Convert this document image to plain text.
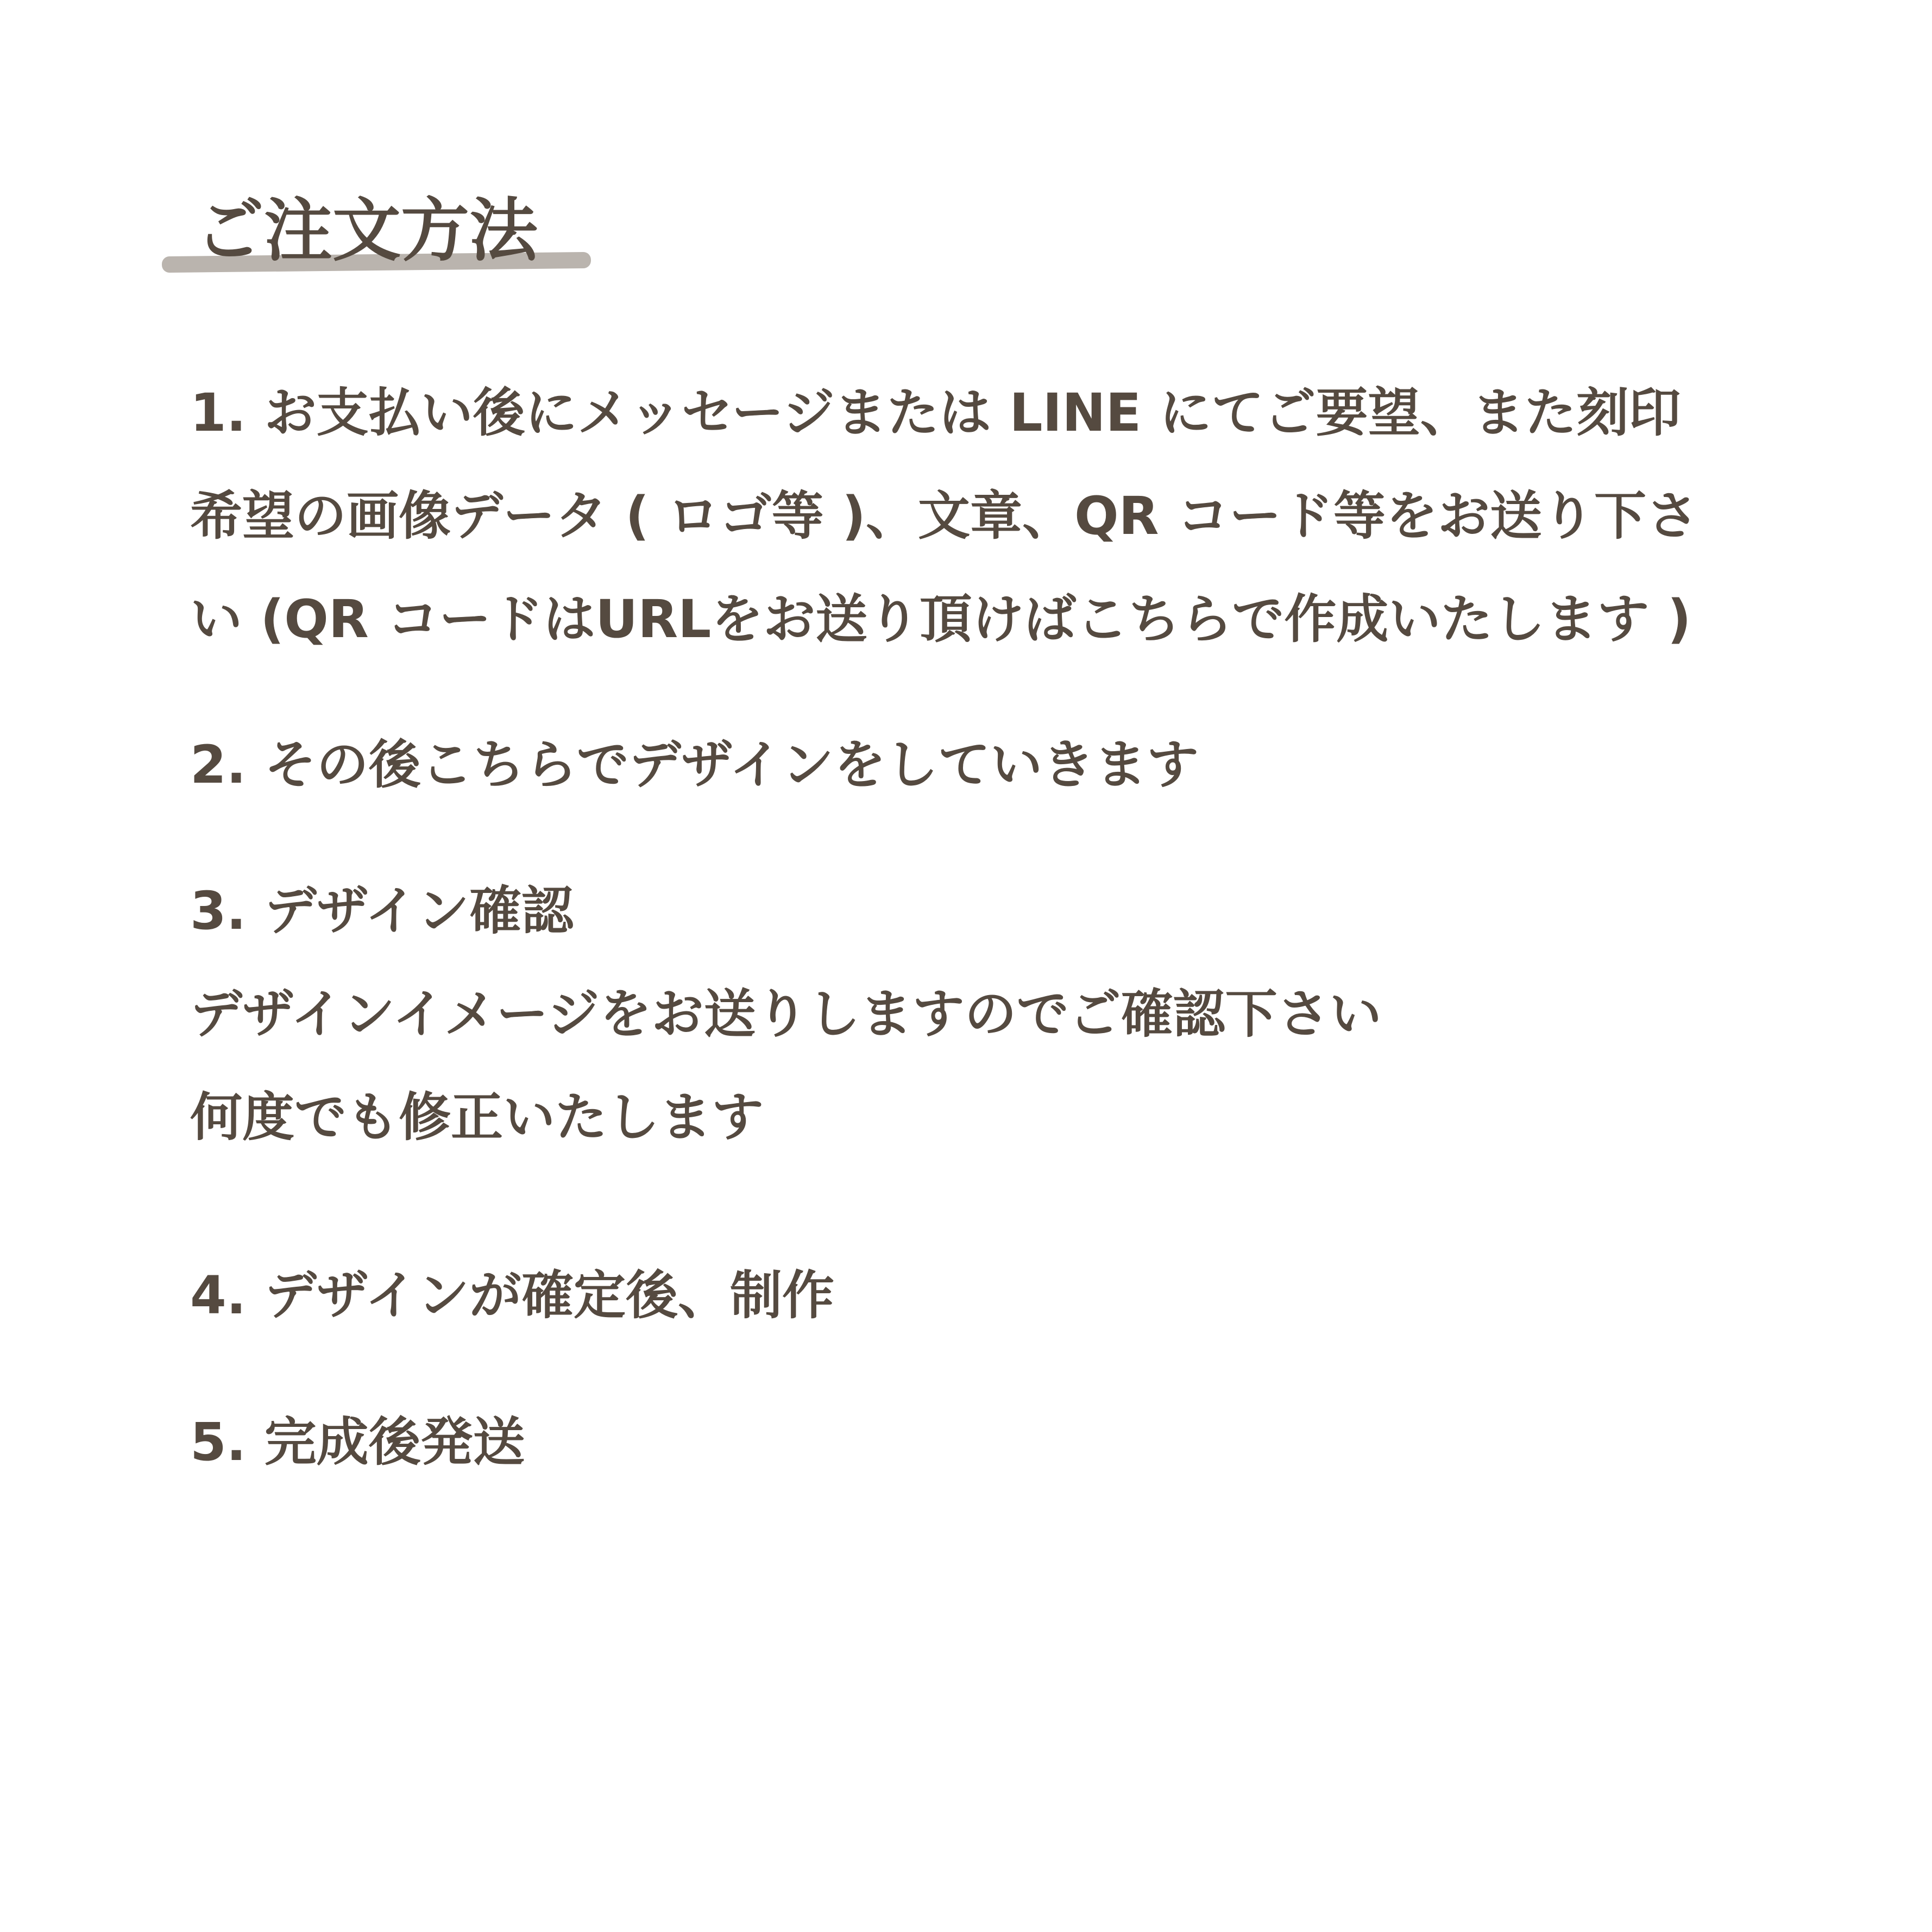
ご注文方法

1. お支払い後にメッセージまたは LINE にてご要望、また刻印

希望の画像データ ( ロゴ等 )、文章、QR コード等をお送り下さ

い (QR コードはURLをお送り頂けばこちらで作成いたします )

2. その後こちらでデザインをしていきます

3. デザイン確認

デザインイメージをお送りしますのでご確認下さい

何度でも修正いたします

4. デザインが確定後、制作

5. 完成後発送
